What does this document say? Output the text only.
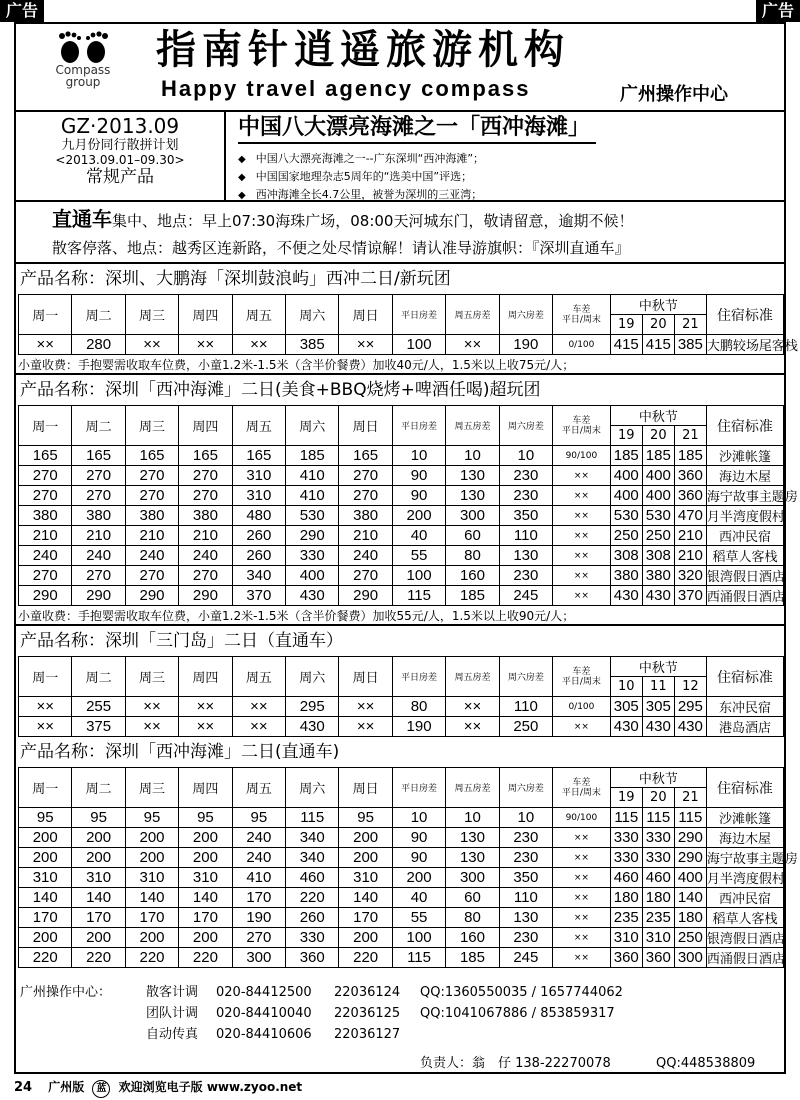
广告	广告
Compass group
指南针逍遥旅游机构
Happy travel agency compass	广州操作中心
GZ·2013.09
九月份同行散拼计划
<2013.09.01–09.30>
常规产品
中国八大漂亮海滩之一「西冲海滩」
◆ 中国八大漂亮海滩之一--广东深圳“西冲海滩”；
◆ 中国国家地理杂志5周年的“选美中国”评选；
◆ 西冲海滩全长4.7公里，被誉为深圳的三亚湾；
直通车集中、地点：早上07:30海珠广场，08:00天河城东门，敬请留意，逾期不候！
散客停落、地点：越秀区连新路，不便之处尽情谅解！请认准导游旗帜：『深圳直通车』
产品名称：深圳、大鹏海「深圳鼓浪屿」西冲二日/新玩团
周一	周二	周三	周四	周五	周六	周日	平日房差	周五房差	周六房差	车差
平日/周末	中秋节			住宿标准
											19	20	21	
××	280	××	××	××	385	××	100	××	190	0/100	415	415	385	大鹏较场尾客栈
小童收费：手抱婴需收取车位费，小童1.2米-1.5米（含半价餐费）加收40元/人，1.5米以上收75元/人；
产品名称：深圳「西冲海滩」二日(美食+BBQ烧烤+啤酒任喝)超玩团
周一	周二	周三	周四	周五	周六	周日	平日房差	周五房差	周六房差	车差
平日/周末	中秋节			住宿标准
											19	20	21	
165	165	165	165	165	185	165	10	10	10	90/100	185	185	185	沙滩帐篷
270	270	270	270	310	410	270	90	130	230	××	400	400	360	海边木屋
270	270	270	270	310	410	270	90	130	230	××	400	400	360	海宁故事主题房
380	380	380	380	480	530	380	200	300	350	××	530	530	470	月半湾度假村
210	210	210	210	260	290	210	40	60	110	××	250	250	210	西冲民宿
240	240	240	240	260	330	240	55	80	130	××	308	308	210	稻草人客栈
270	270	270	270	340	400	270	100	160	230	××	380	380	320	银湾假日酒店
290	290	290	290	370	430	290	115	185	245	××	430	430	370	西涌假日酒店
小童收费：手抱婴需收取车位费，小童1.2米-1.5米（含半价餐费）加收55元/人，1.5米以上收90元/人；
产品名称：深圳「三门岛」二日（直通车）
周一	周二	周三	周四	周五	周六	周日	平日房差	周五房差	周六房差	车差
平日/周末	中秋节			住宿标准
											10	11	12	
××	255	××	××	××	295	××	80	××	110	0/100	305	305	295	东冲民宿
××	375	××	××	××	430	××	190	××	250	××	430	430	430	港岛酒店
产品名称：深圳「西冲海滩」二日(直通车)
周一	周二	周三	周四	周五	周六	周日	平日房差	周五房差	周六房差	车差
平日/周末	中秋节			住宿标准
											19	20	21	
95	95	95	95	95	115	95	10	10	10	90/100	115	115	115	沙滩帐篷
200	200	200	200	240	340	200	90	130	230	××	330	330	290	海边木屋
200	200	200	200	240	340	200	90	130	230	××	330	330	290	海宁故事主题房
310	310	310	310	410	460	310	200	300	350	××	460	460	400	月半湾度假村
140	140	140	140	170	220	140	40	60	110	××	180	180	140	西冲民宿
170	170	170	170	190	260	170	55	80	130	××	235	235	180	稻草人客栈
200	200	200	200	270	330	200	100	160	230	××	310	310	250	银湾假日酒店
220	220	220	220	300	360	220	115	185	245	××	360	360	300	西涌假日酒店
广州操作中心：	散客计调 020-84412500 22036124 QQ:1360550035 / 1657744062
团队计调 020-84410040 22036125 QQ:1041067886 / 853859317
自动传真 020-84410606 22036127
负责人：翁　仔 138-22270078	QQ:448538809
24 广州版 蓝 欢迎浏览电子版 www.zyoo.net
